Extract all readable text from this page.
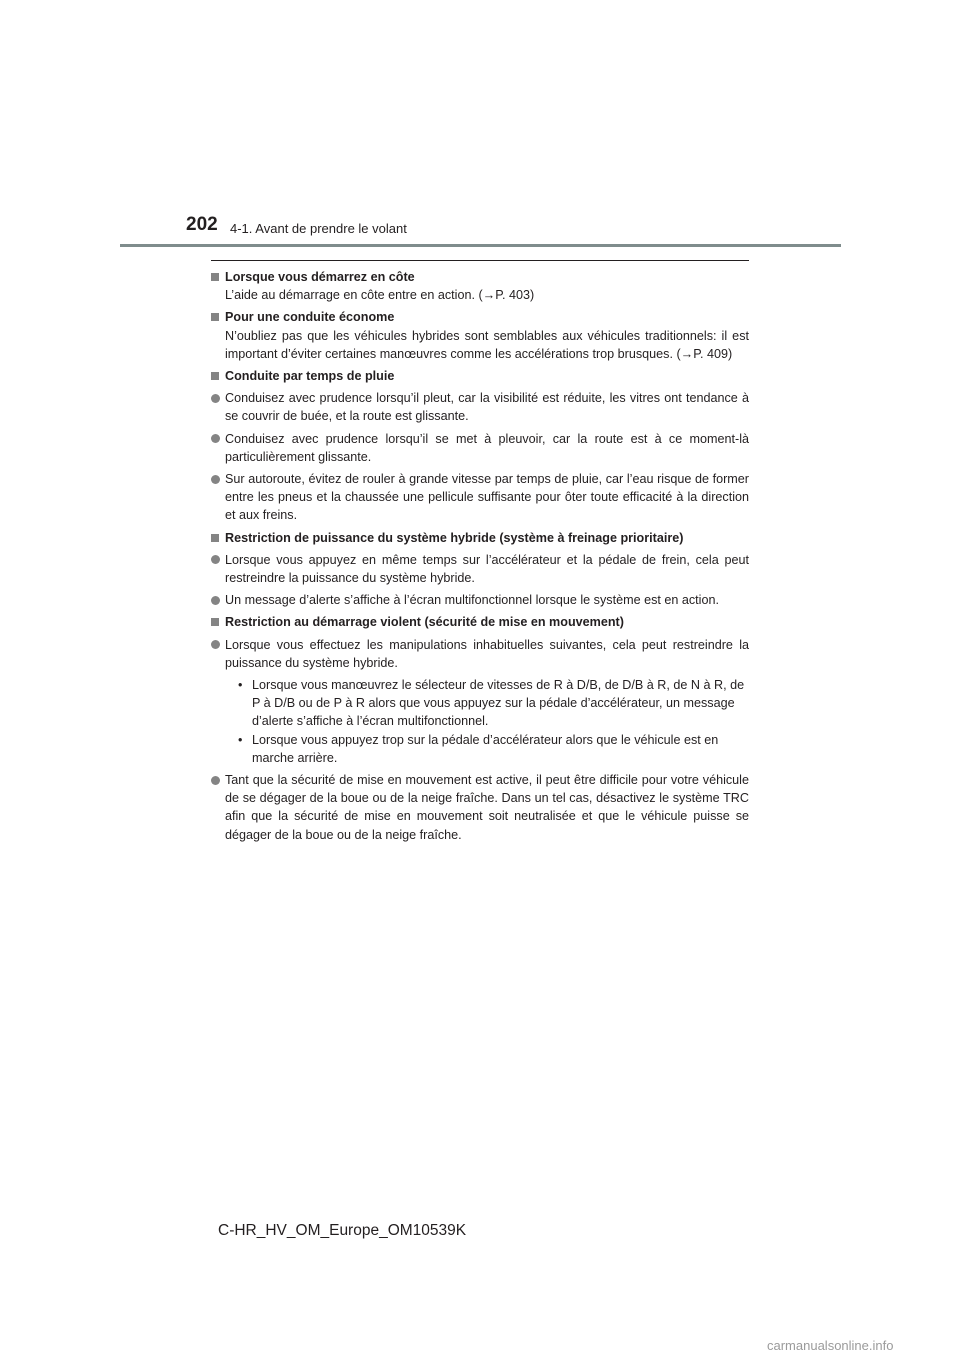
202 4-1. Avant de prendre le volant
Lorsque vous démarrez en côte
L’aide au démarrage en côte entre en action. (→P. 403)
Pour une conduite économe
N’oubliez pas que les véhicules hybrides sont semblables aux véhicules traditionnels: il est important d’éviter certaines manœuvres comme les accélérations trop brusques. (→P. 409)
Conduite par temps de pluie
Conduisez avec prudence lorsqu’il pleut, car la visibilité est réduite, les vitres ont tendance à se couvrir de buée, et la route est glissante.
Conduisez avec prudence lorsqu’il se met à pleuvoir, car la route est à ce moment-là particulièrement glissante.
Sur autoroute, évitez de rouler à grande vitesse par temps de pluie, car l’eau risque de former entre les pneus et la chaussée une pellicule suffisante pour ôter toute efficacité à la direction et aux freins.
Restriction de puissance du système hybride (système à freinage prioritaire)
Lorsque vous appuyez en même temps sur l’accélérateur et la pédale de frein, cela peut restreindre la puissance du système hybride.
Un message d’alerte s’affiche à l’écran multifonctionnel lorsque le système est en action.
Restriction au démarrage violent (sécurité de mise en mouvement)
Lorsque vous effectuez les manipulations inhabituelles suivantes, cela peut restreindre la puissance du système hybride.
• Lorsque vous manœuvrez le sélecteur de vitesses de R à D/B, de D/B à R, de N à R, de P à D/B ou de P à R alors que vous appuyez sur la pédale d’accélérateur, un message d’alerte s’affiche à l’écran multifonctionnel.
• Lorsque vous appuyez trop sur la pédale d’accélérateur alors que le véhicule est en marche arrière.
Tant que la sécurité de mise en mouvement est active, il peut être difficile pour votre véhicule de se dégager de la boue ou de la neige fraîche. Dans un tel cas, désactivez le système TRC afin que la sécurité de mise en mouvement soit neutralisée et que le véhicule puisse se dégager de la boue ou de la neige fraîche.
C-HR_HV_OM_Europe_OM10539K
carmanualsonline.info
